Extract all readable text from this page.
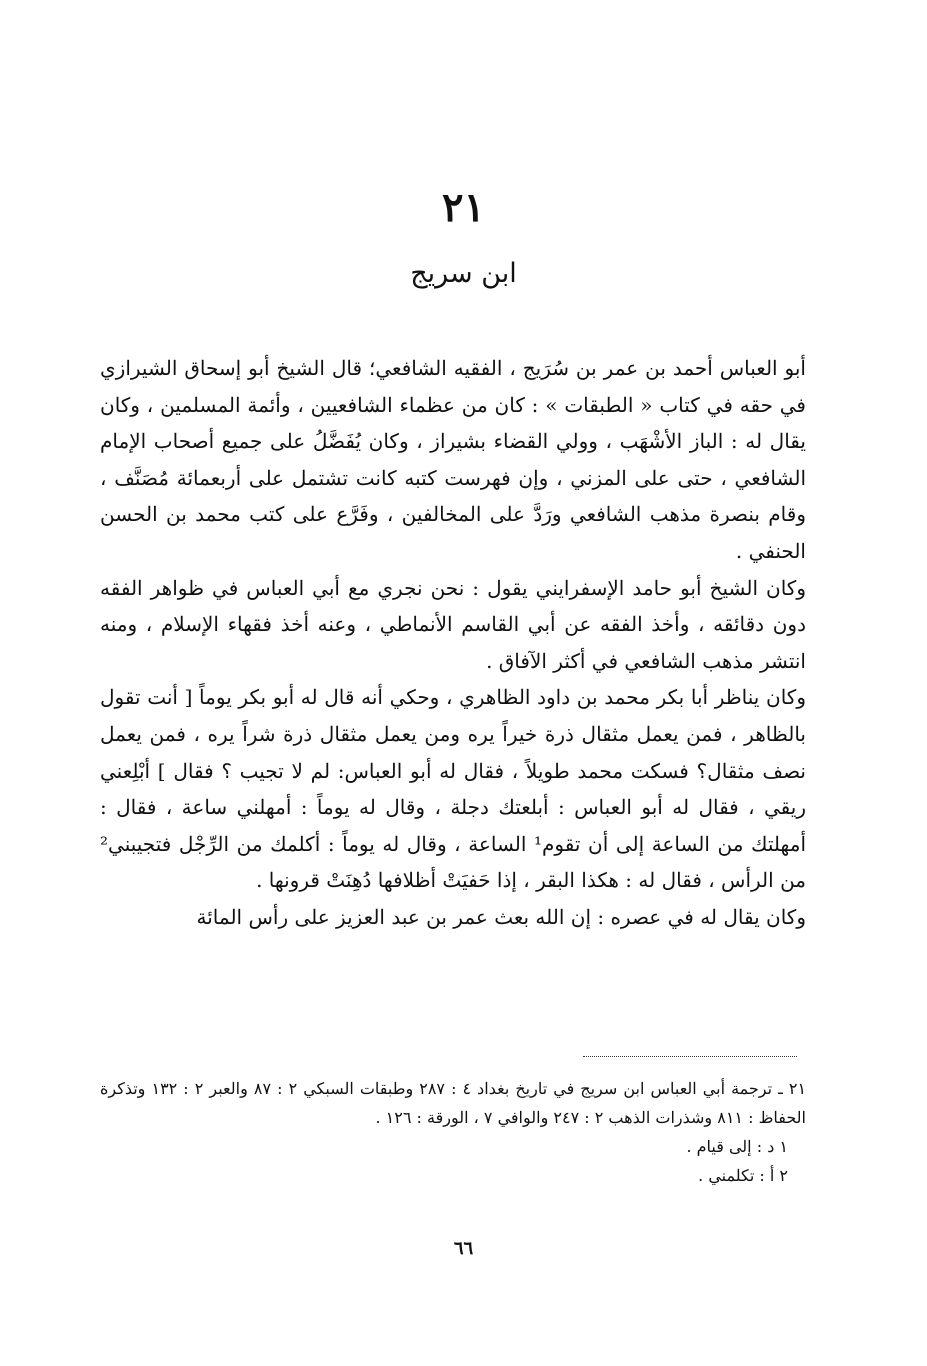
٢١
ابن سريج

أبو العباس أحمد بن عمر بن سُرَيج ، الفقيه الشافعي؛ قال الشيخ أبو إسحاق الشيرازي في حقه في كتاب « الطبقات » : كان من عظماء الشافعيين ، وأئمة المسلمين ، وكان يقال له : الباز الأشْهَب ، وولي القضاء بشيراز ، وكان يُفَضَّلُ على جميع أصحاب الإمام الشافعي ، حتى على المزني ، وإن فهرست كتبه كانت تشتمل على أربعمائة مُصَنَّف ، وقام بنصرة مذهب الشافعي ورَدَّ على المخالفين ، وفَرَّع على كتب محمد بن الحسن الحنفي .

وكان الشيخ أبو حامد الإسفرايني يقول : نحن نجري مع أبي العباس في ظواهر الفقه دون دقائقه ، وأخذ الفقه عن أبي القاسم الأنماطي ، وعنه أخذ فقهاء الإسلام ، ومنه انتشر مذهب الشافعي في أكثر الآفاق .

وكان يناظر أبا بكر محمد بن داود الظاهري ، وحكي أنه قال له أبو بكر يوماً [ أنت تقول بالظاهر ، فمن يعمل مثقال ذرة خيراً يره ومن يعمل مثقال ذرة شراً يره ، فمن يعمل نصف مثقال؟ فسكت محمد طويلاً ، فقال له أبو العباس: لم لا تجيب ؟ فقال ] أبْلِعني ريقي ، فقال له أبو العباس : أبلعتك دجلة ، وقال له يوماً : أمهلني ساعة ، فقال : أمهلتك من الساعة إلى أن تقوم¹ الساعة ، وقال له يوماً : أكلمك من الرِّجْل فتجيبني² من الرأس ، فقال له : هكذا البقر ، إذا حَفيَتْ أظلافها دُهِنَتْ قرونها .

وكان يقال له في عصره : إن الله بعث عمر بن عبد العزيز على رأس المائة

٢١ ـ ترجمة أبي العباس ابن سريج في تاريخ بغداد ٤ : ٢٨٧ وطبقات السبكي ٢ : ٨٧ والعبر ٢ : ١٣٢ وتذكرة الحفاظ : ٨١١ وشذرات الذهب ٢ : ٢٤٧ والوافي ٧ ، الورقة : ١٢٦ .

١ د : إلى قيام .

٢ أ : تكلمني .

٦٦
